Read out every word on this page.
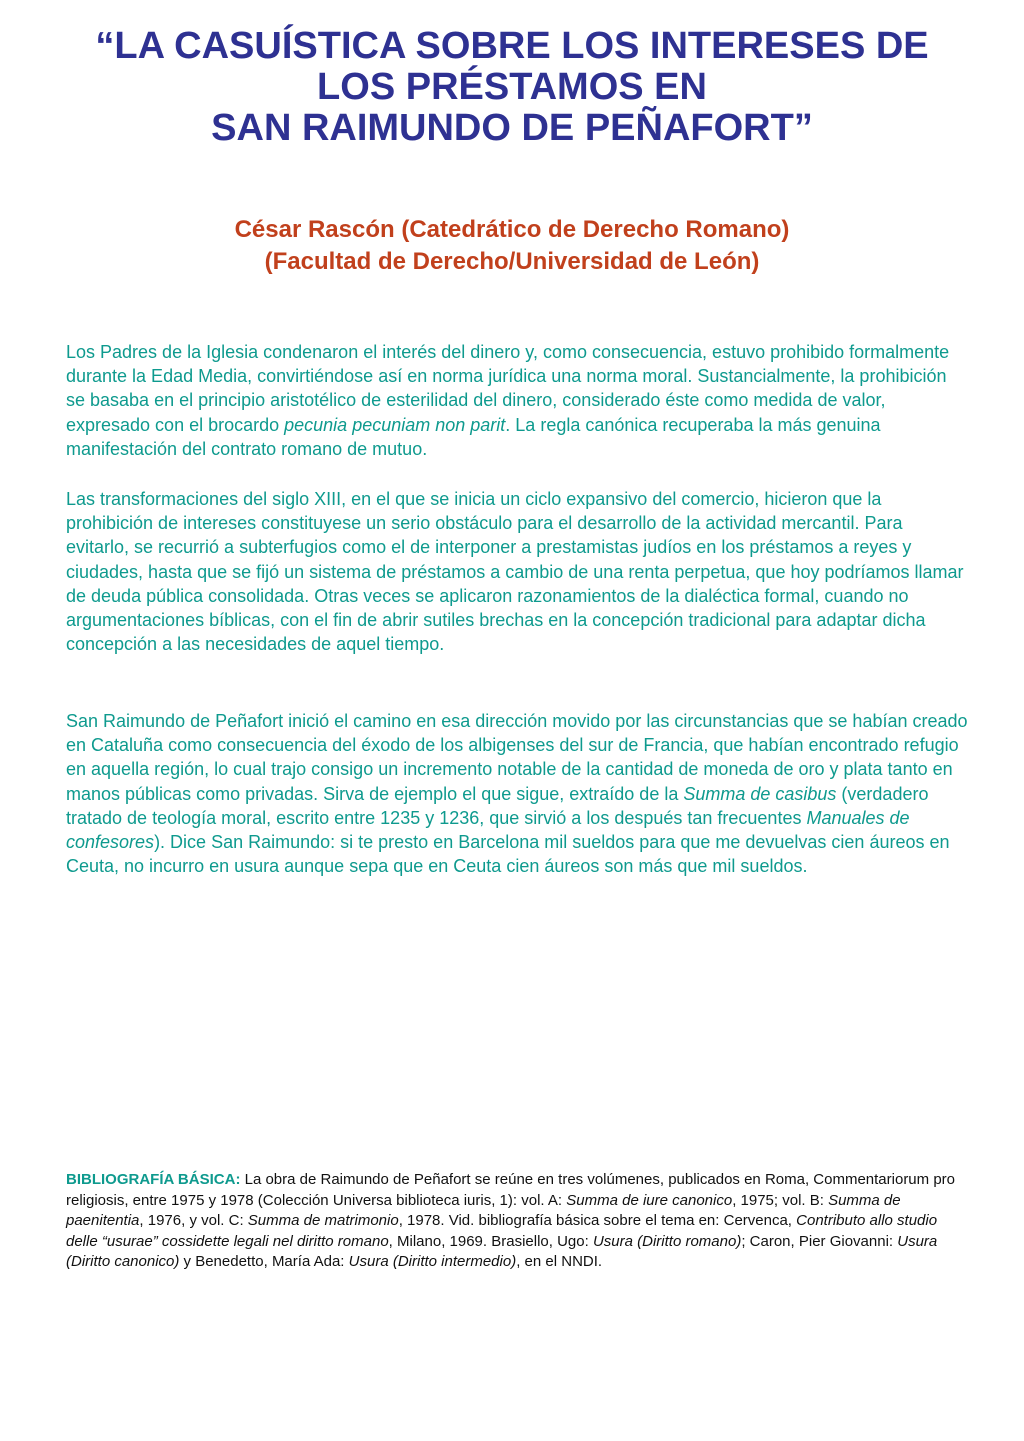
“LA CASUÍSTICA SOBRE LOS INTERESES DE
LOS PRÉSTAMOS EN
SAN RAIMUNDO DE PEÑAFORT”
César Rascón (Catedrático de Derecho Romano)
(Facultad de Derecho/Universidad de León)

Los Padres de la Iglesia condenaron el interés del dinero y, como consecuencia, estuvo prohibido formalmente durante la Edad Media, convirtiéndose así en norma jurídica una norma moral. Sustancialmente, la prohibición se basaba en el principio aristotélico de esterilidad del dinero, considerado éste como medida de valor, expresado con el brocardo pecunia pecuniam non parit. La regla canónica recuperaba la más genuina manifestación del contrato romano de mutuo.

Las transformaciones del siglo XIII, en el que se inicia un ciclo expansivo del comercio, hicieron que la prohibición de intereses constituyese un serio obstáculo para el desarrollo de la actividad mercantil. Para evitarlo, se recurrió a subterfugios como el de interponer a prestamistas judíos en los préstamos a reyes y ciudades, hasta que se fijó un sistema de préstamos a cambio de una renta perpetua, que hoy podríamos llamar de deuda pública consolidada. Otras veces se aplicaron razonamientos de la dialéctica formal, cuando no argumentaciones bíblicas, con el fin de abrir sutiles brechas en la concepción tradicional para adaptar dicha concepción a las necesidades de aquel tiempo.

San Raimundo de Peñafort inició el camino en esa dirección movido por las circunstancias que se habían creado en Cataluña como consecuencia del éxodo de los albigenses del sur de Francia, que habían encontrado refugio en aquella región, lo cual trajo consigo un incremento notable de la cantidad de moneda de oro y plata tanto en manos públicas como privadas. Sirva de ejemplo el que sigue, extraído de la Summa de casibus (verdadero tratado de teología moral, escrito entre 1235 y 1236, que sirvió a los después tan frecuentes Manuales de confesores). Dice San Raimundo: si te presto en Barcelona mil sueldos para que me devuelvas cien áureos en Ceuta, no incurro en usura aunque sepa que en Ceuta cien áureos son más que mil sueldos.

BIBLIOGRAFÍA BÁSICA: La obra de Raimundo de Peñafort se reúne en tres volúmenes, publicados en Roma, Commentariorum pro religiosis, entre 1975 y 1978 (Colección Universa biblioteca iuris, 1): vol. A: Summa de iure canonico, 1975; vol. B: Summa de paenitentia, 1976, y vol. C: Summa de matrimonio, 1978. Vid. bibliografía básica sobre el tema en: Cervenca, Contributo allo studio delle “usurae” cossidette legali nel diritto romano, Milano, 1969. Brasiello, Ugo: Usura (Diritto romano); Caron, Pier Giovanni: Usura (Diritto canonico) y Benedetto, María Ada: Usura (Diritto intermedio), en el NNDI.
